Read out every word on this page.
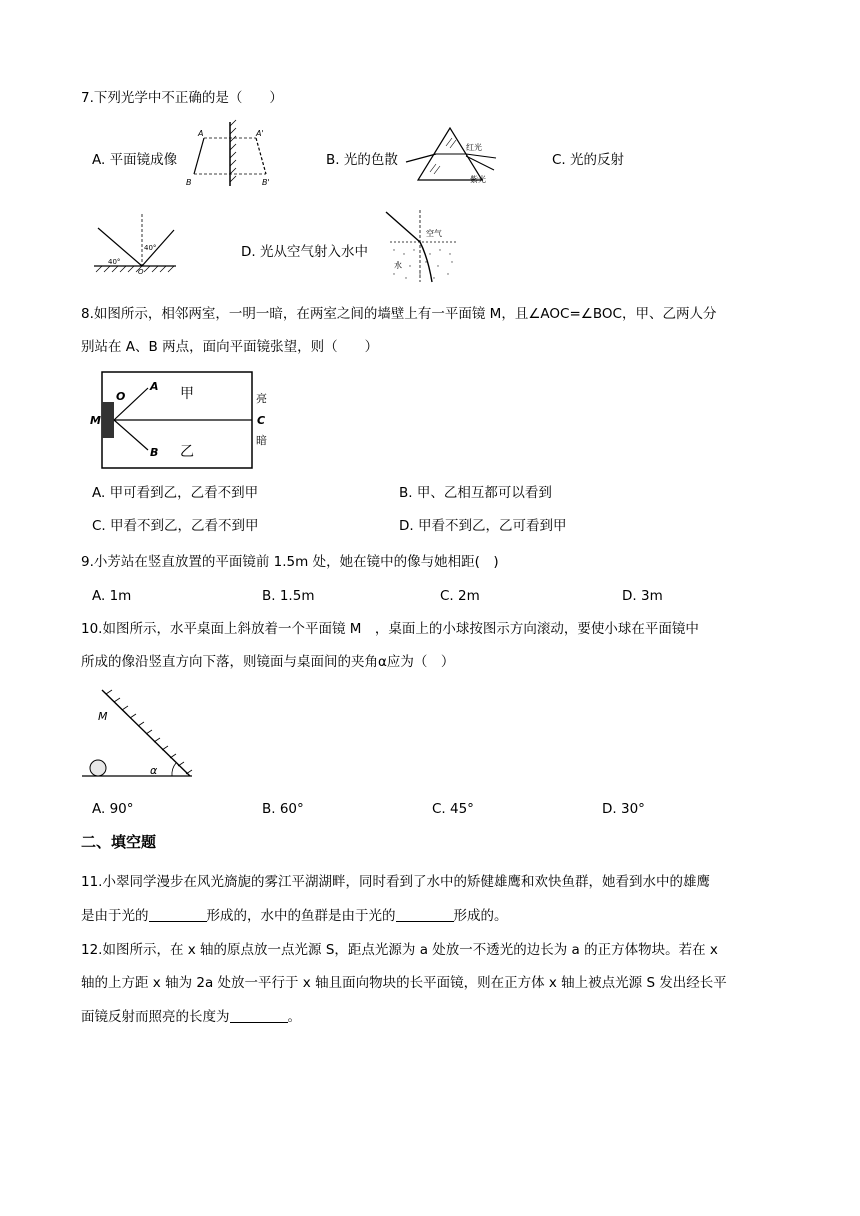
7.下列光学中不正确的是（　　）
A. 平面镜成像
A	A'
B	B'
B. 光的色散
红光
紫光
C. 光的反射
40°
40°
O
D. 光从空气射入水中
空气
水
8.如图所示，相邻两室，一明一暗，在两室之间的墙壁上有一平面镜 M，且∠AOC=∠BOC，甲、乙两人分
别站在 A、B 两点，面向平面镜张望，则（　　）
O
M
A
B
甲
乙
亮
C
暗
A. 甲可看到乙，乙看不到甲	B. 甲、乙相互都可以看到
C. 甲看不到乙，乙看不到甲	D. 甲看不到乙，乙可看到甲
9.小芳站在竖直放置的平面镜前 1.5m 处，她在镜中的像与她相距(　)
A. 1m	B. 1.5m	C. 2m	D. 3m
10.如图所示，水平桌面上斜放着一个平面镜 M　，桌面上的小球按图示方向滚动，要使小球在平面镜中
所成的像沿竖直方向下落，则镜面与桌面间的夹角α应为（　）
M
α
A. 90°	B. 60°	C. 45°	D. 30°
二、填空题
11.小翠同学漫步在风光旖旎的雾江平湖湖畔，同时看到了水中的矫健雄鹰和欢快鱼群，她看到水中的雄鹰
是由于光的	形成的，水中的鱼群是由于光的	形成的。
12.如图所示，在 x 轴的原点放一点光源 S，距点光源为 a 处放一不透光的边长为 a 的正方体物块。若在 x
轴的上方距 x 轴为 2a 处放一平行于 x 轴且面向物块的长平面镜，则在正方体 x 轴上被点光源 S 发出经长平
面镜反射而照亮的长度为	。
